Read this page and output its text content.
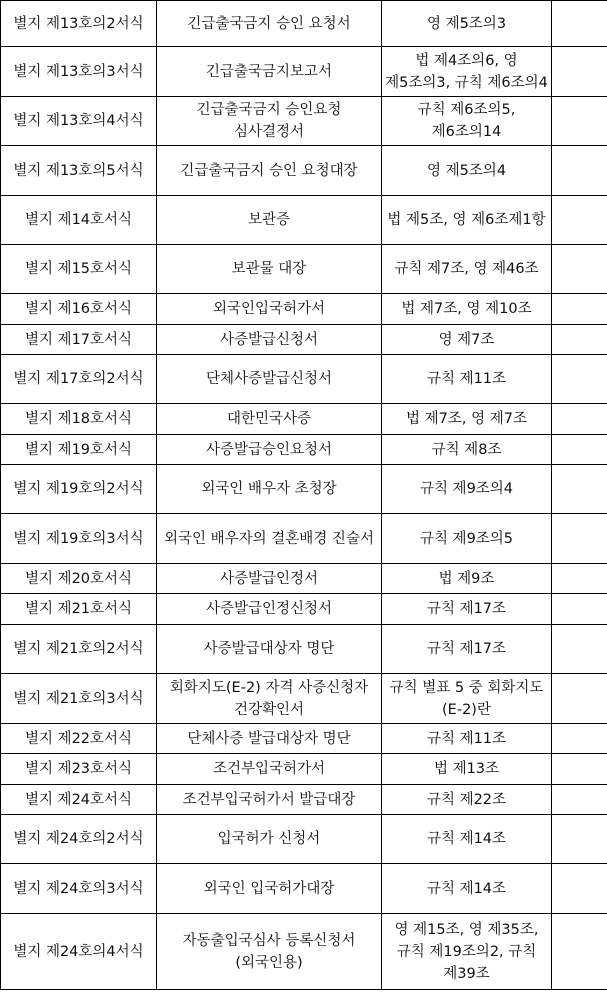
별지 제13호의2서식	긴급출국금지 승인 요청서	영 제5조의3	
별지 제13호의3서식	긴급출국금지보고서	법 제4조의6, 영 제5조의3, 규칙 제6조의4	
별지 제13호의4서식	긴급출국금지 승인요청 심사결정서	규칙 제6조의5, 제6조의14	
별지 제13호의5서식	긴급출국금지 승인 요청대장	영 제5조의4	
별지 제14호서식	보관증	법 제5조, 영 제6조제1항	
별지 제15호서식	보관물 대장	규칙 제7조, 영 제46조	
별지 제16호서식	외국인입국허가서	법 제7조, 영 제10조	
별지 제17호서식	사증발급신청서	영 제7조	
별지 제17호의2서식	단체사증발급신청서	규칙 제11조	
별지 제18호서식	대한민국사증	법 제7조, 영 제7조	
별지 제19호서식	사증발급승인요청서	규칙 제8조	
별지 제19호의2서식	외국인 배우자 초청장	규칙 제9조의4	
별지 제19호의3서식	외국인 배우자의 결혼배경 진술서	규칙 제9조의5	
별지 제20호서식	사증발급인정서	법 제9조	
별지 제21호서식	사증발급인정신청서	규칙 제17조	
별지 제21호의2서식	사증발급대상자 명단	규칙 제17조	
별지 제21호의3서식	회화지도(E-2) 자격 사증신청자 건강확인서	규칙 별표 5 중 회화지도(E-2)란	
별지 제22호서식	단체사증 발급대상자 명단	규칙 제11조	
별지 제23호서식	조건부입국허가서	법 제13조	
별지 제24호서식	조건부입국허가서 발급대장	규칙 제22조	
별지 제24호의2서식	입국허가 신청서	규칙 제14조	
별지 제24호의3서식	외국인 입국허가대장	규칙 제14조	
별지 제24호의4서식	자동출입국심사 등록신청서(외국인용)	영 제15조, 영 제35조, 규칙 제19조의2, 규칙 제39조	
